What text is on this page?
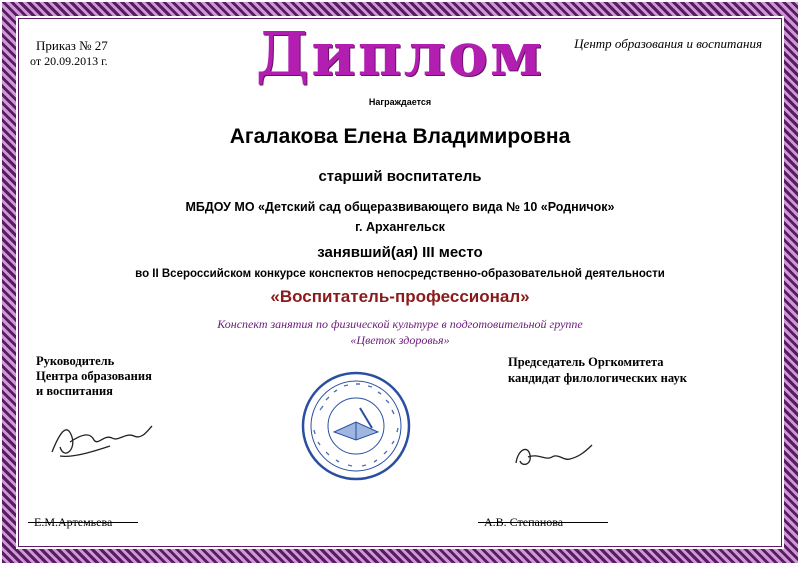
Приказ № 27
от 20.09.2013 г.
Центр образования и воспитания
Диплом
Награждается
Агалакова Елена Владимировна
старший воспитатель
МБДОУ МО «Детский сад общеразвивающего вида № 10 «Родничок»
г. Архангельск
занявший(ая) III место
во II Всероссийском конкурсе конспектов непосредственно-образовательной деятельности
«Воспитатель-профессионал»
Конспект занятия по физической культуре в подготовительной группе
«Цветок здоровья»
Руководитель
Центра образования
и воспитания
Е.М.Артемьева
Председатель Оргкомитета
кандидат филологических наук
А.В. Степанова
